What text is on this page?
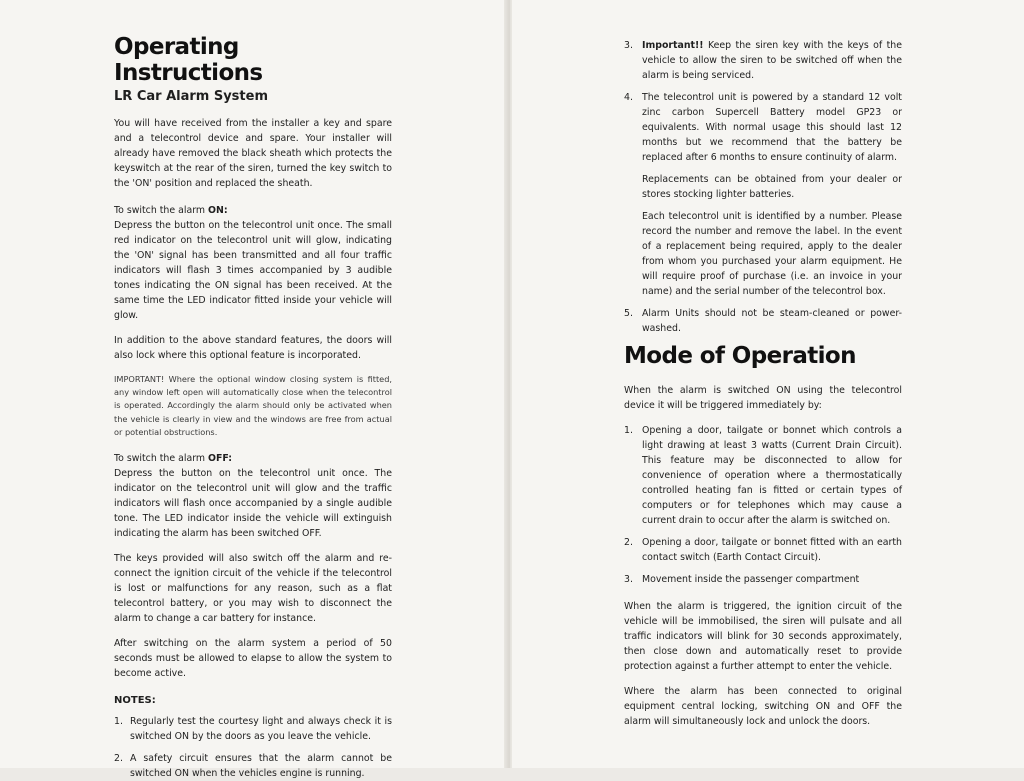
Operating Instructions
LR Car Alarm System

You will have received from the installer a key and spare and a telecontrol device and spare. Your installer will already have removed the black sheath which protects the keyswitch at the rear of the siren, turned the key switch to the 'ON' position and replaced the sheath.

To switch the alarm ON:

Depress the button on the telecontrol unit once. The small red indicator on the telecontrol unit will glow, indicating the 'ON' signal has been transmitted and all four traffic indicators will flash 3 times accompanied by 3 audible tones indicating the ON signal has been received. At the same time the LED indicator fitted inside your vehicle will glow.

In addition to the above standard features, the doors will also lock where this optional feature is incorporated.

IMPORTANT! Where the optional window closing system is fitted, any window left open will automatically close when the telecontrol is operated. Accordingly the alarm should only be activated when the vehicle is clearly in view and the windows are free from actual or potential obstructions.

To switch the alarm OFF:

Depress the button on the telecontrol unit once. The indicator on the telecontrol unit will glow and the traffic indicators will flash once accompanied by a single audible tone. The LED indicator inside the vehicle will extinguish indicating the alarm has been switched OFF.

The keys provided will also switch off the alarm and re-connect the ignition circuit of the vehicle if the telecontrol is lost or malfunctions for any reason, such as a flat telecontrol battery, or you may wish to disconnect the alarm to change a car battery for instance.

After switching on the alarm system a period of 50 seconds must be allowed to elapse to allow the system to become active.

NOTES:
1. Regularly test the courtesy light and always check it is switched ON by the doors as you leave the vehicle.
2. A safety circuit ensures that the alarm cannot be switched ON when the vehicles engine is running.
3. Important!! Keep the siren key with the keys of the vehicle to allow the siren to be switched off when the alarm is being serviced.
4. The telecontrol unit is powered by a standard 12 volt zinc carbon Supercell Battery model GP23 or equivalents. With normal usage this should last 12 months but we recommend that the battery be replaced after 6 months to ensure continuity of alarm.

Replacements can be obtained from your dealer or stores stocking lighter batteries.

Each telecontrol unit is identified by a number. Please record the number and remove the label. In the event of a replacement being required, apply to the dealer from whom you purchased your alarm equipment. He will require proof of purchase (i.e. an invoice in your name) and the serial number of the telecontrol box.

5. Alarm Units should not be steam-cleaned or power-washed.
Mode of Operation

When the alarm is switched ON using the telecontrol device it will be triggered immediately by:

1. Opening a door, tailgate or bonnet which controls a light drawing at least 3 watts (Current Drain Circuit). This feature may be disconnected to allow for convenience of operation where a thermostatically controlled heating fan is fitted or certain types of computers or for telephones which may cause a current drain to occur after the alarm is switched on.
2. Opening a door, tailgate or bonnet fitted with an earth contact switch (Earth Contact Circuit).
3. Movement inside the passenger compartment

When the alarm is triggered, the ignition circuit of the vehicle will be immobilised, the siren will pulsate and all traffic indicators will blink for 30 seconds approximately, then close down and automatically reset to provide protection against a further attempt to enter the vehicle.

Where the alarm has been connected to original equipment central locking, switching ON and OFF the alarm will simultaneously lock and unlock the doors.
